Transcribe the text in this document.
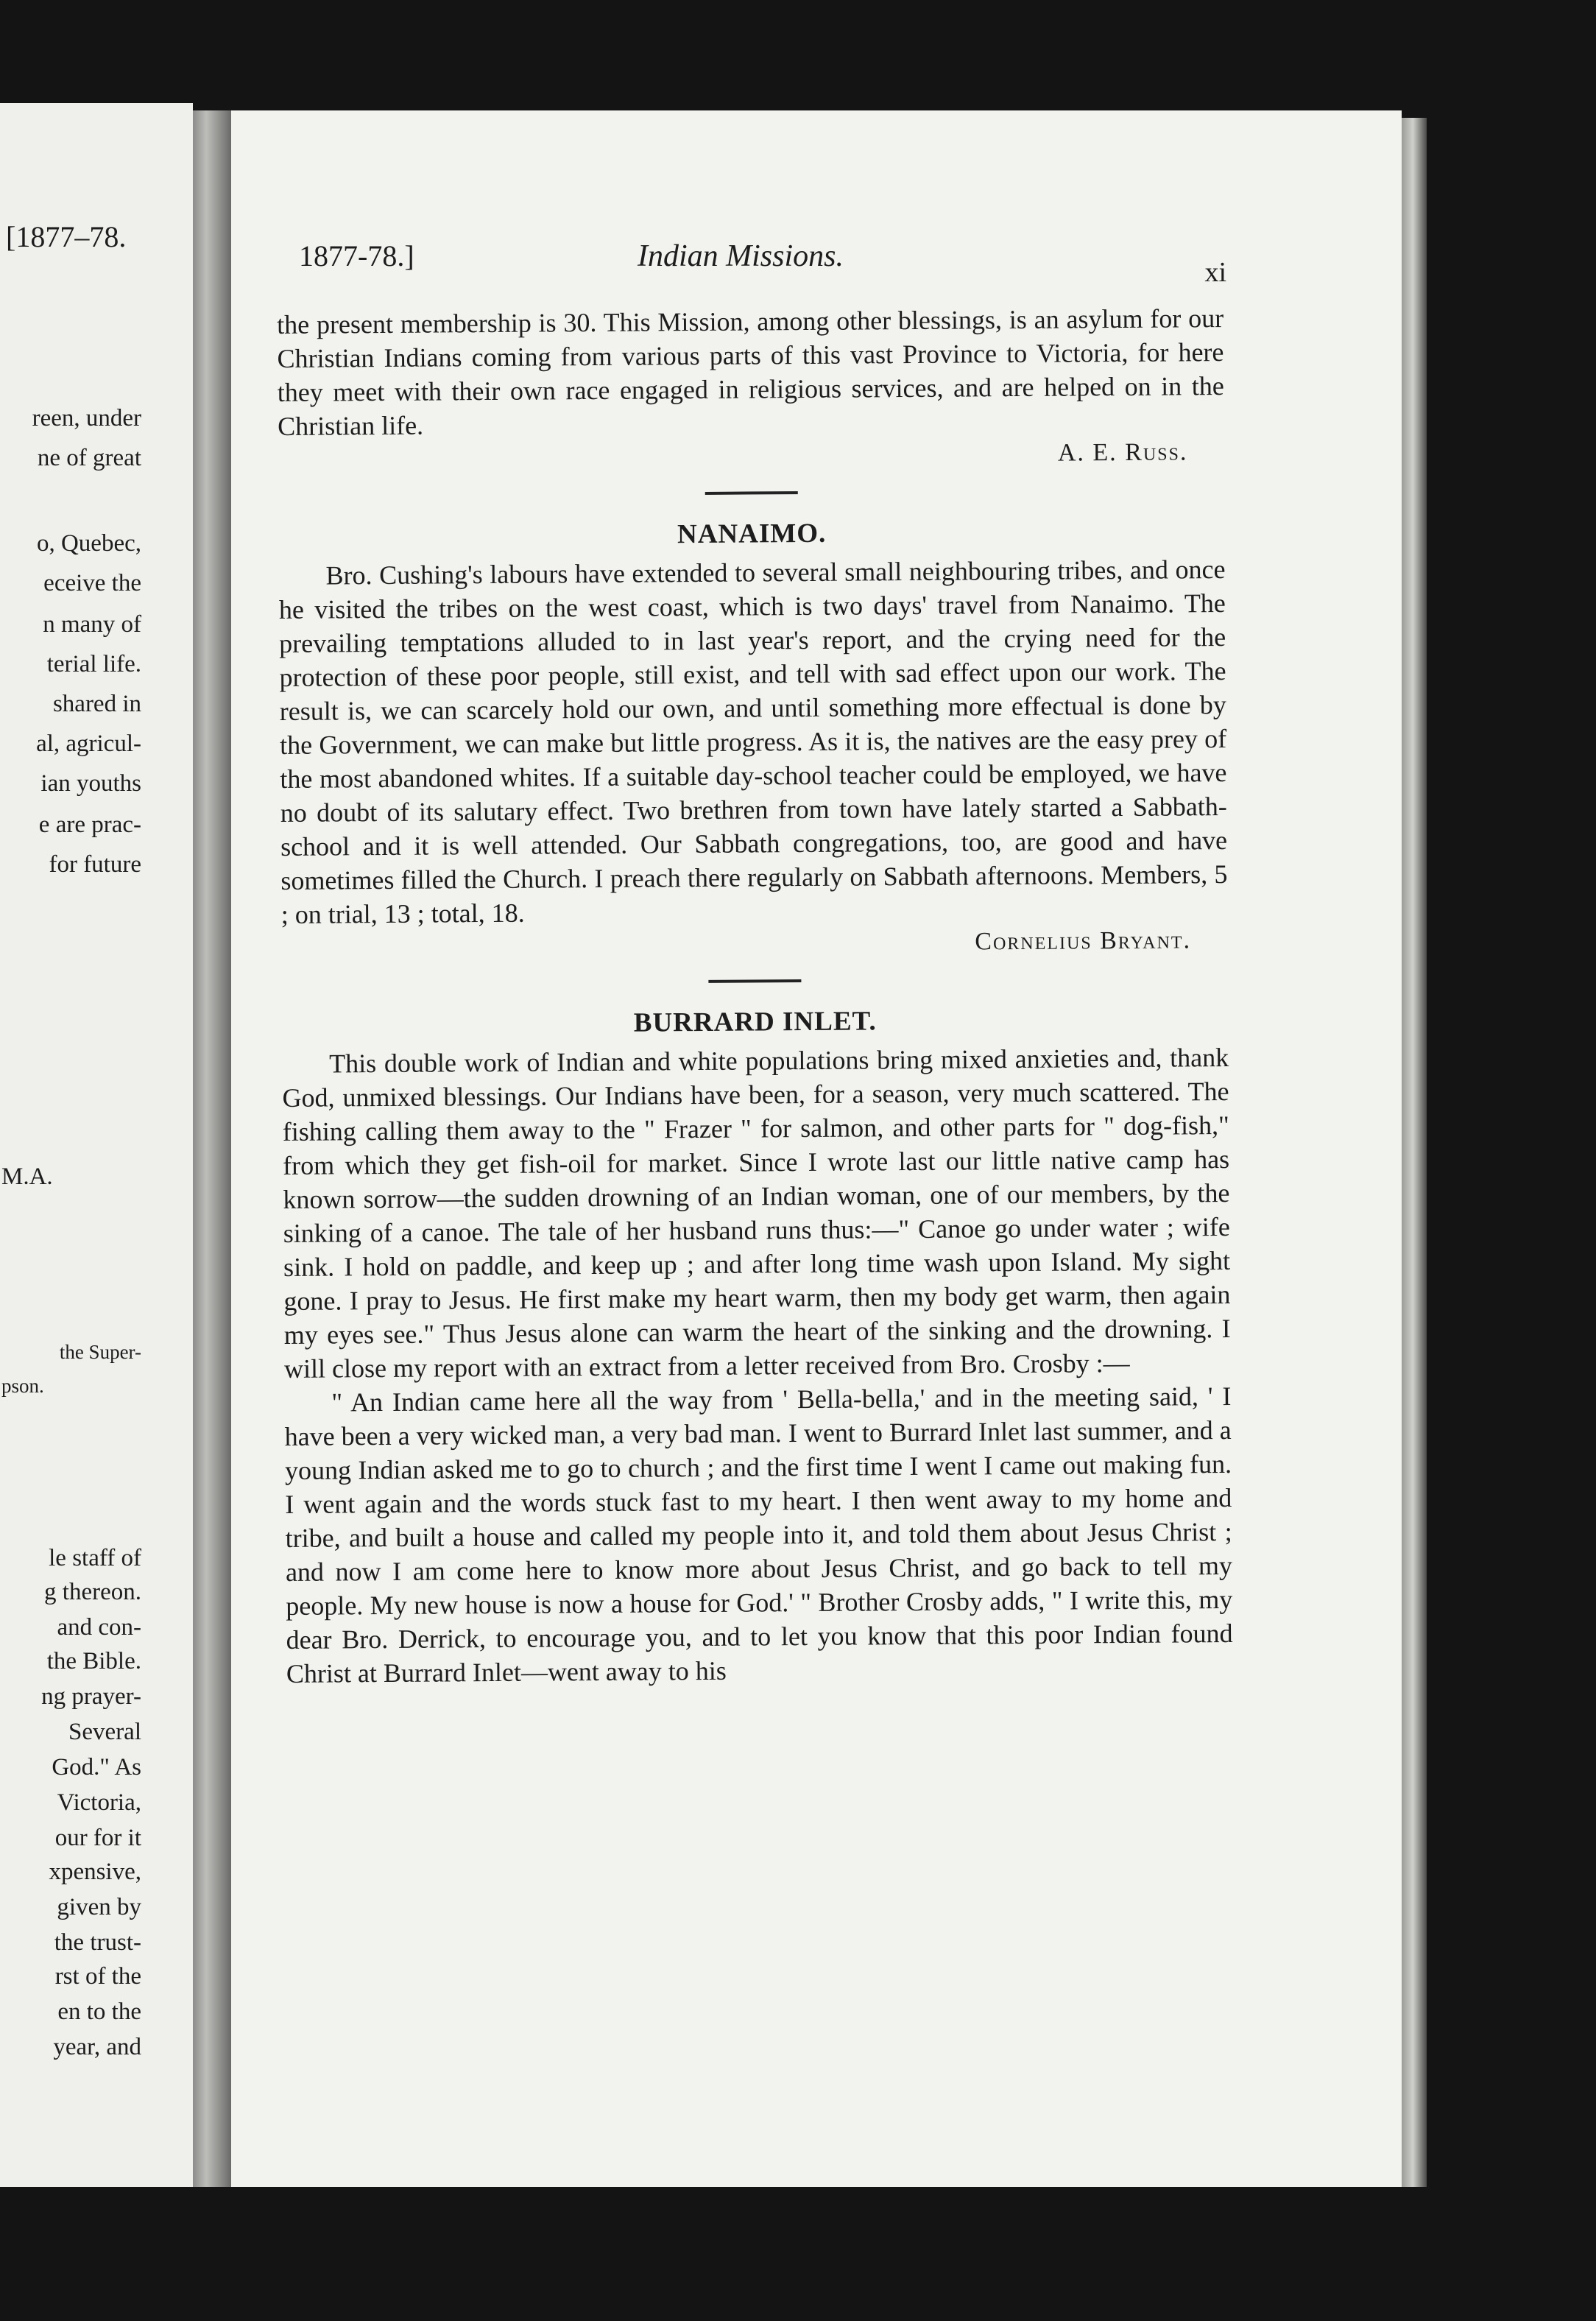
[1877–78.
reen, under
ne of great
o, Quebec,
eceive the
n many of
terial life.
shared in
al, agricul-
ian youths
e are prac-
for future
M.A.
the Super-
pson.
le staff of
g thereon.
and con-
the Bible.
ng prayer-
Several
God." As
Victoria,
our for it
xpensive,
given by
the trust-
rst of the
en to the
year, and
1877-78.]	Indian Missions.	xi

the present membership is 30. This Mission, among other blessings, is an asylum for our Christian Indians coming from various parts of this vast Province to Victoria, for here they meet with their own race engaged in religious services, and are helped on in the Christian life.

A. E. Russ.
NANAIMO.

Bro. Cushing's labours have extended to several small neighbouring tribes, and once he visited the tribes on the west coast, which is two days' travel from Nanaimo. The prevailing temptations alluded to in last year's report, and the crying need for the protection of these poor people, still exist, and tell with sad effect upon our work. The result is, we can scarcely hold our own, and until something more effectual is done by the Government, we can make but little progress. As it is, the natives are the easy prey of the most abandoned whites. If a suitable day-school teacher could be employed, we have no doubt of its salutary effect. Two brethren from town have lately started a Sabbath-school and it is well attended. Our Sabbath congregations, too, are good and have sometimes filled the Church. I preach there regularly on Sabbath afternoons. Members, 5 ; on trial, 13 ; total, 18.

Cornelius Bryant.
BURRARD INLET.

This double work of Indian and white populations bring mixed anxieties and, thank God, unmixed blessings. Our Indians have been, for a season, very much scattered. The fishing calling them away to the " Frazer " for salmon, and other parts for " dog-fish," from which they get fish-oil for market. Since I wrote last our little native camp has known sorrow—the sudden drowning of an Indian woman, one of our members, by the sinking of a canoe. The tale of her husband runs thus:—" Canoe go under water ; wife sink. I hold on paddle, and keep up ; and after long time wash upon Island. My sight gone. I pray to Jesus. He first make my heart warm, then my body get warm, then again my eyes see." Thus Jesus alone can warm the heart of the sinking and the drowning. I will close my report with an extract from a letter received from Bro. Crosby :—

" An Indian came here all the way from ' Bella-bella,' and in the meeting said, ' I have been a very wicked man, a very bad man. I went to Burrard Inlet last summer, and a young Indian asked me to go to church ; and the first time I went I came out making fun. I went again and the words stuck fast to my heart. I then went away to my home and tribe, and built a house and called my people into it, and told them about Jesus Christ ; and now I am come here to know more about Jesus Christ, and go back to tell my people. My new house is now a house for God.' " Brother Crosby adds, " I write this, my dear Bro. Derrick, to encourage you, and to let you know that this poor Indian found Christ at Burrard Inlet—went away to his
